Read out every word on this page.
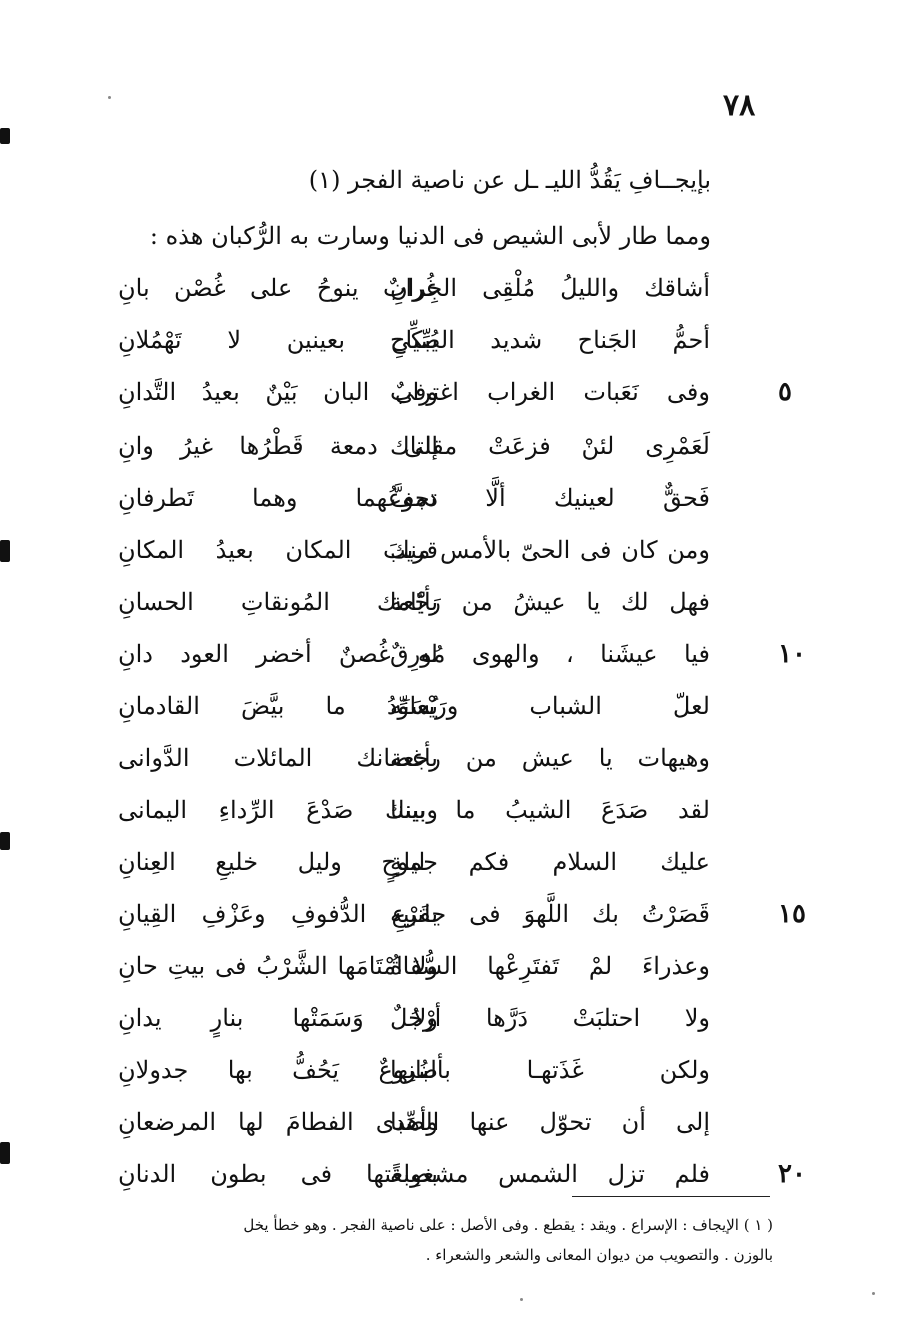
٧٨
بإيجــافِ يَقُدُّ الليـ ـل عن ناصية الفجر (١)
ومما طار لأبى الشيص فى الدنيا وسارت به الرُّكبان هذه :
أشاقك والليلُ مُلْقِى الجِرانِ
غُرابٌ ينوحُ على غُصْن بانِ
أحمُّ الجَناح شديد الصِّياحِ
يُبكِّى بعينين لا تَهْمُلانِ
٥
وفى نَعَبات الغراب اغترابٌ
وفى البان بَيْنٌ بعيدُ التَّدانِ
لَعَمْرِى لئنْ فزعَتْ مقلتاك
إلى دمعة قَطْرُها غيرُ وانِ
فَحقٌّ لعينيك ألَّا تجفَّ
دموعُهما وهما تَطرفانِ
ومن كان فى الحىّ بالأمس منك
قريبَ المكان بعيدُ المكانِ
فهل لك يا عيشُ من رَجْعة
بأيّامك المُونقاتِ الحسانِ
١٠
فيا عيشَنا ، والهوى مُورِقٌ
له غُصنٌ أخضر العود دانِ
لعلّ الشباب ورَيْعانَه
يُسَوِّدُ ما بيَّضَ القادمانِ
وهيهات يا عيش من رجعة
بأغصانك المائلات الدَّوانى
لقد صَدَعَ الشيبُ ما بيننا
وبينك صَدْعَ الرِّداءِ اليمانى
عليك السلام فكم ليلةٍ
جموحٍ وليل خليعِ العِنانِ
١٥
قَصَرْتُ بك اللَّهوَ فى جانبيه
بقَرْعِ الدُّفوفِ وعَزْفِ القِيانِ
وعذراءَ لمْ تَفتَرِعْها السُّقاةُ
ولا امْتَامَها الشَّرْبُ فى بيتِ حانِ
ولا احتلبَتْ دَرَّها أرْجُلٌ
ولا وَسَمَتْها بنارٍ يدانِ
ولكن غَذَتهـا بألبانِها
ضُروعٌ يَحُفُّ بها جدولانِ
إلى أن تحوّل عنها الصِّبا
وأهدى الفطامَ لها المرضعانِ
٢٠
فلم تزل الشمس مشغولةً
بصِبغتها فى بطون الدنانِ
( ١ ) الإيجاف : الإسراع . ويقد : يقطع . وفى الأصل : على ناصية الفجر . وهو خطأ يخل
بالوزن . والتصويب من ديوان المعانى والشعر والشعراء .
